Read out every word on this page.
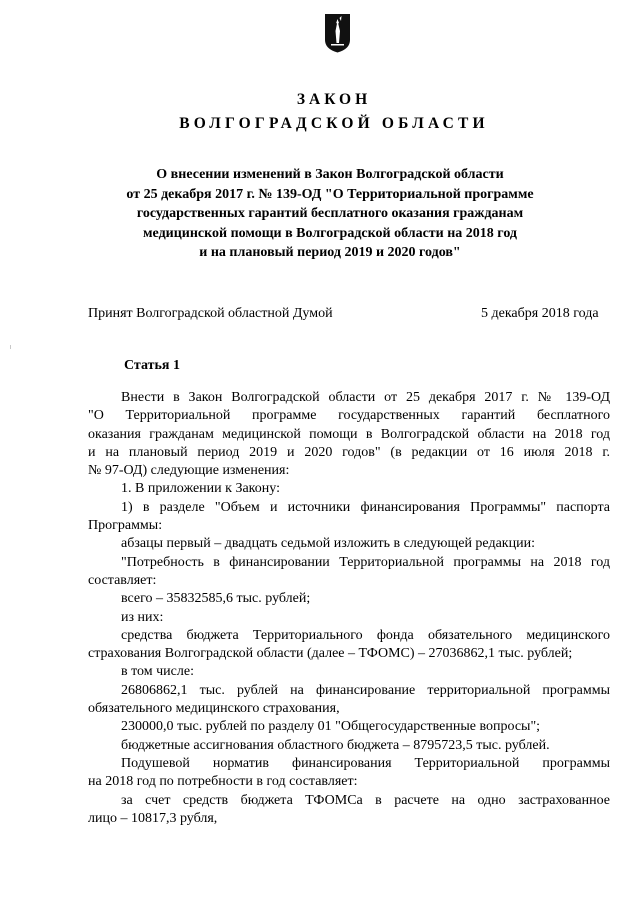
ЗАКОН
ВОЛГОГРАДСКОЙ ОБЛАСТИ
О внесении изменений в Закон Волгоградской области
от 25 декабря 2017 г. № 139-ОД "О Территориальной программе
государственных гарантий бесплатного оказания гражданам
медицинской помощи в Волгоградской области на 2018 год
и на плановый период 2019 и 2020 годов"
Принят Волгоградской областной Думой	5 декабря 2018 года
Статья 1
Внести в Закон Волгоградской области от 25 декабря 2017 г. № 139-ОД
"О Территориальной программе государственных гарантий бесплатного
оказания гражданам медицинской помощи в Волгоградской области на 2018 год
и на плановый период 2019 и 2020 годов" (в редакции от 16 июля 2018 г.
№ 97-ОД) следующие изменения:
1. В приложении к Закону:
1) в разделе "Объем и источники финансирования Программы" паспорта
Программы:
абзацы первый – двадцать седьмой изложить в следующей редакции:
"Потребность в финансировании Территориальной программы на 2018 год
составляет:
всего – 35832585,6 тыс. рублей;
из них:
средства бюджета Территориального фонда обязательного медицинского
страхования Волгоградской области (далее – ТФОМС) – 27036862,1 тыс. рублей;
в том числе:
26806862,1 тыс. рублей на финансирование территориальной программы
обязательного медицинского страхования,
230000,0 тыс. рублей по разделу 01 "Общегосударственные вопросы";
бюджетные ассигнования областного бюджета – 8795723,5 тыс. рублей.
Подушевой норматив финансирования Территориальной программы
на 2018 год по потребности в год составляет:
за счет средств бюджета ТФОМСа в расчете на одно застрахованное
лицо – 10817,3 рубля,
